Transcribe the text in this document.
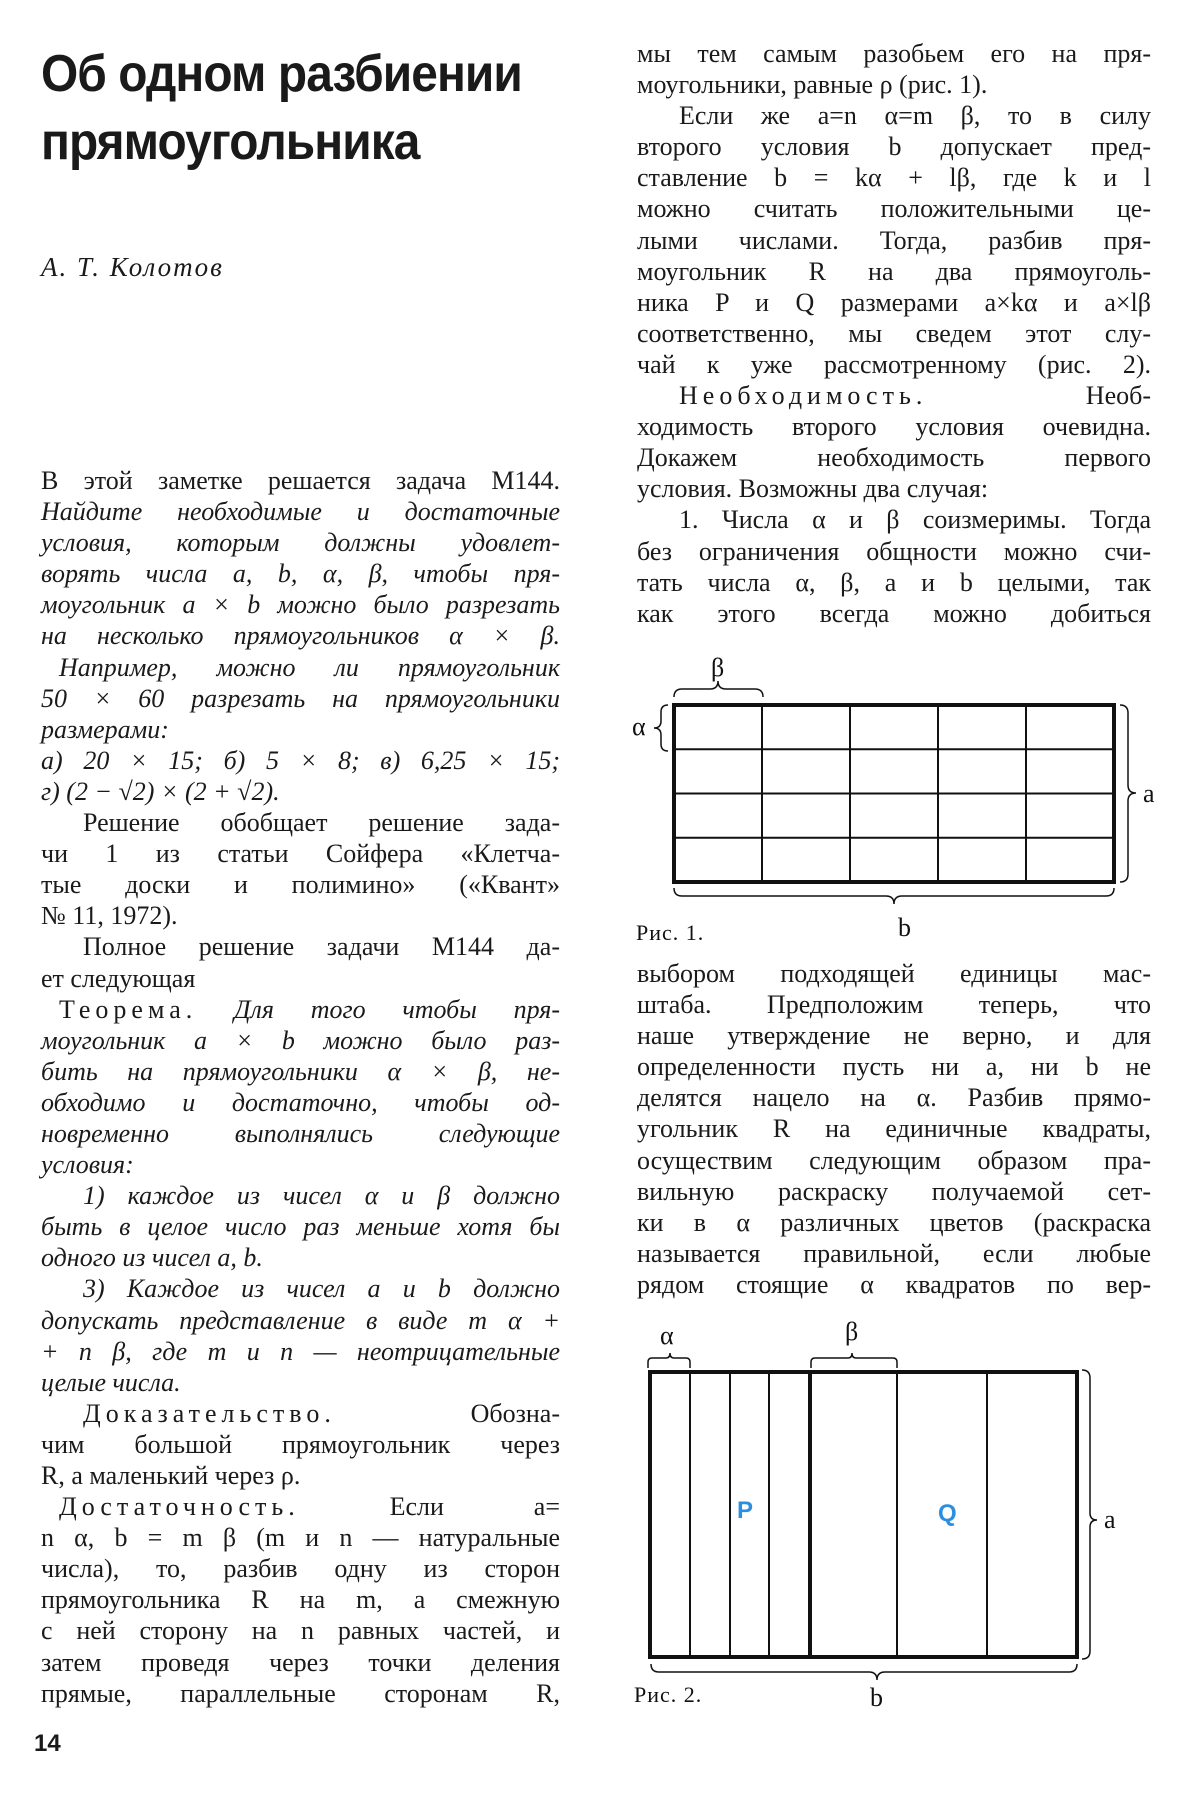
Об одном разбиении
прямоугольника
А. Т. Колотов
В этой заметке решается задача М144.
Найдите необходимые и достаточные
условия, которым должны удовлет-
ворять числа a, b, α, β, чтобы пря-
моугольник a × b можно было разрезать
на несколько прямоугольников α × β.
Например, можно ли прямоугольник
50 × 60 разрезать на прямоугольники
размерами:
а) 20 × 15; б) 5 × 8; в) 6,25 × 15;
г) (2 − √2) × (2 + √2).
Решение обобщает решение зада-
чи 1 из статьи Сойфера «Клетча-
тые доски и полимино» («Квант»
№ 11, 1972).
Полное решение задачи М144 да-
ет следующая
Теорема. Для того чтобы пря-
моугольник a × b можно было раз-
бить на прямоугольники α × β, не-
обходимо и достаточно, чтобы од-
новременно выполнялись следующие
условия:
1) каждое из чисел α и β должно
быть в целое число раз меньше хотя бы
одного из чисел a, b.
3) Каждое из чисел a и b должно
допускать представление в виде m α +
+ n β, где m и n — неотрицательные
целые числа.
Доказательство. Обозна-
чим большой прямоугольник через
R, а маленький через ρ.
Достаточность. Если a=
n α, b = m β (m и n — натуральные
числа), то, разбив одну из сторон
прямоугольника R на m, а смежную
с ней сторону на n равных частей, и
затем проведя через точки деления
прямые, параллельные сторонам R,
мы тем самым разобьем его на пря-
моугольники, равные ρ (рис. 1).
Если же a=n α=m β, то в силу
второго условия b допускает пред-
ставление b = kα + lβ, где k и l
можно считать положительными це-
лыми числами. Тогда, разбив пря-
моугольник R на два прямоуголь-
ника P и Q размерами a×kα и a×lβ
соответственно, мы сведем этот слу-
чай к уже рассмотренному (рис. 2).
Необходимость. Необ-
ходимость второго условия очевидна.
Докажем необходимость первого
условия. Возможны два случая:
1. Числа α и β соизмеримы. Тогда
без ограничения общности можно счи-
тать числа α, β, a и b целыми, так
как этого всегда можно добиться
выбором подходящей единицы мас-
штаба. Предположим теперь, что
наше утверждение не верно, и для
определенности пусть ни a, ни b не
делятся нацело на α. Разбив прямо-
угольник R на единичные квадраты,
осуществим следующим образом пра-
вильную раскраску получаемой сет-
ки в α различных цветов (раскраска
называется правильной, если любые
рядом стоящие α квадратов по вер-
β
α
a
b
Рис. 1.
α	β
a
b
Рис. 2.
P	Q
14
